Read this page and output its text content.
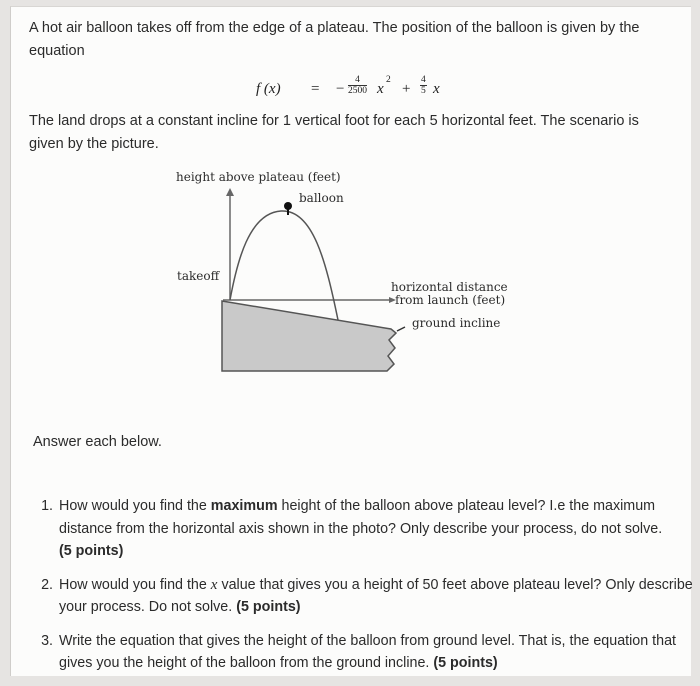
A hot air balloon takes off from the edge of a plateau. The position of the balloon is given by the equation
f (x) = − $\frac{4}{2500}$ x
2
+ $\frac{4}{5}$ x
The land drops at a constant incline for 1 vertical foot for each 5 horizontal feet. The scenario is given by the picture.
height above plateau (feet)
balloon
takeoff
horizontal distance
from launch (feet)
ground incline
Answer each below.
1. How would you find the maximum height of the balloon above plateau level? I.e the maximum distance from the horizontal axis shown in the photo? Only describe your process, do not solve.
(5 points)
2. How would you find the x value that gives you a height of 50 feet above plateau level? Only describe your process. Do not solve. (5 points)
3. Write the equation that gives the height of the balloon from ground level. That is, the equation that gives you the height of the balloon from the ground incline. (5 points)
